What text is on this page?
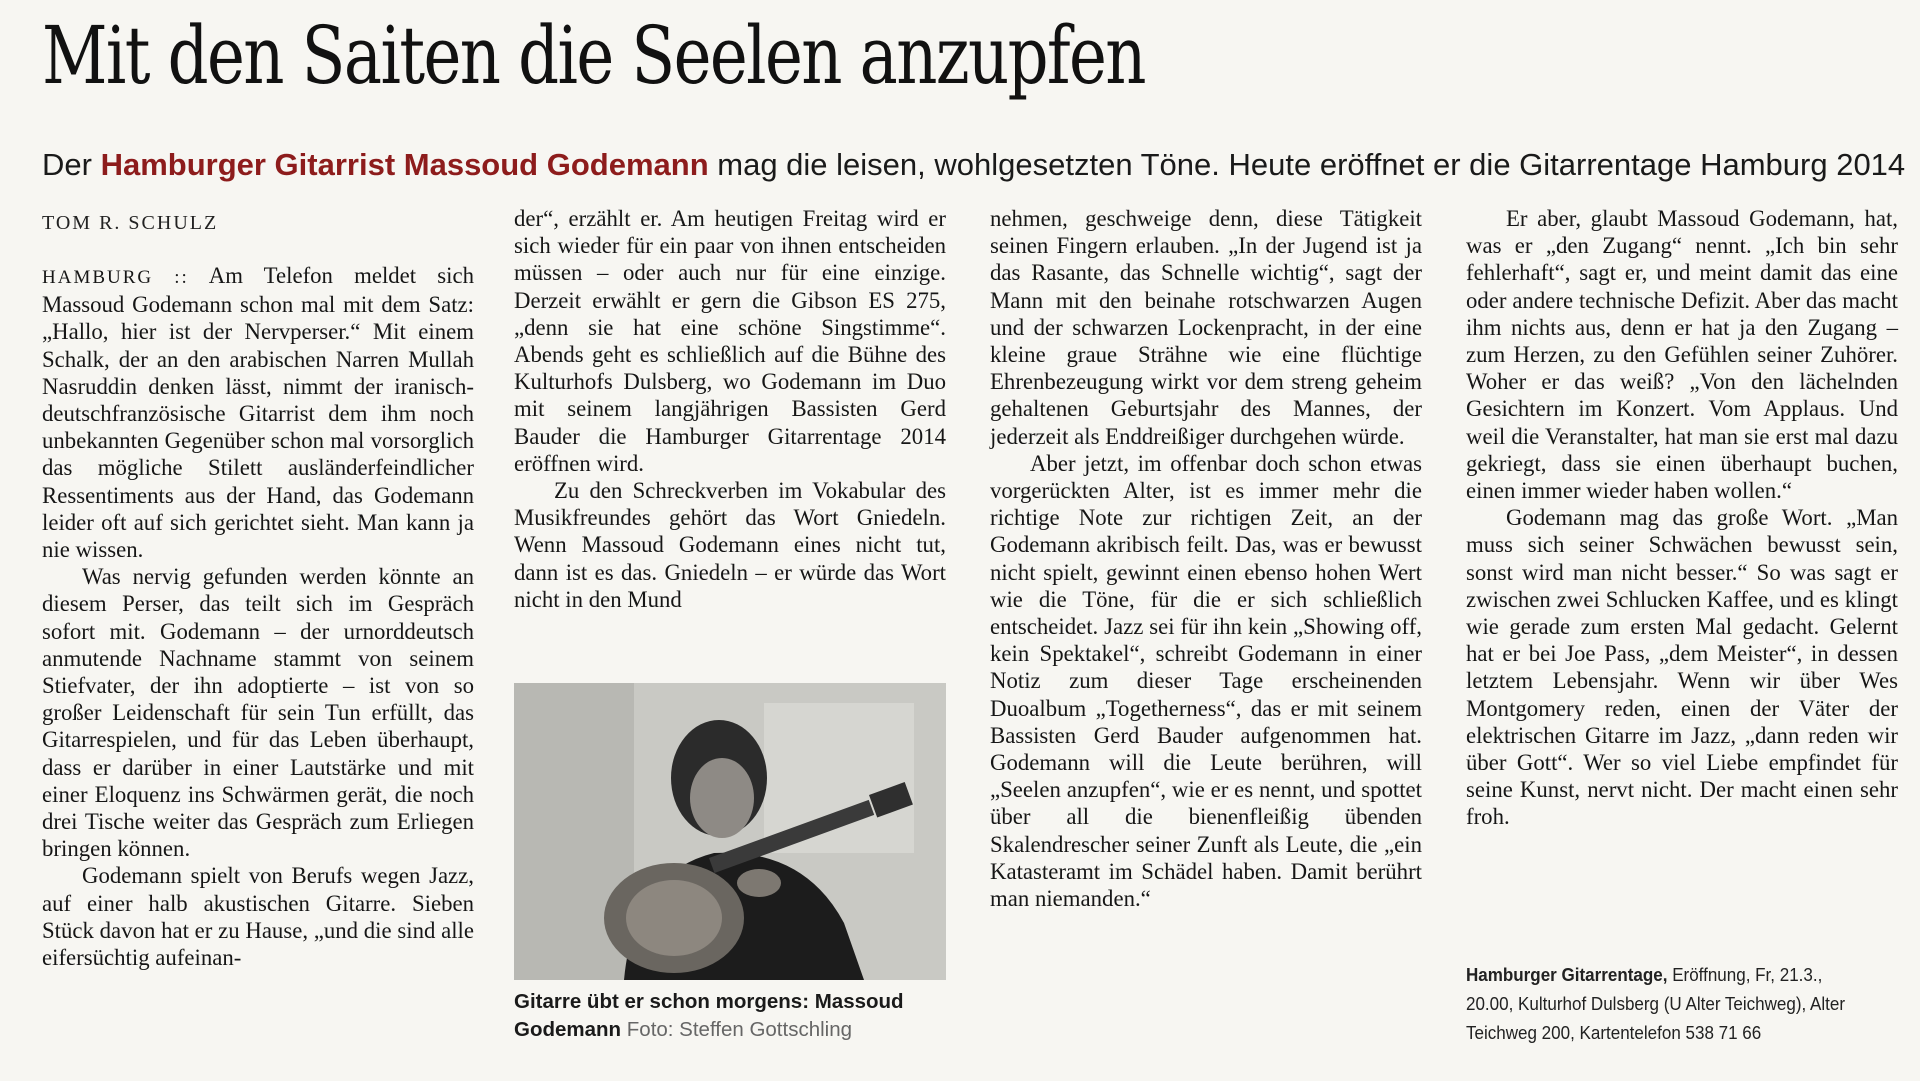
Mit den Saiten die Seelen anzupfen
Der Hamburger Gitarrist Massoud Godemann mag die leisen, wohlgesetzten Töne. Heute eröffnet er die Gitarrentage Hamburg 2014
TOM R. SCHULZ

HAMBURG :: Am Telefon meldet sich Massoud Godemann schon mal mit dem Satz: „Hallo, hier ist der Nervperser.“ Mit einem Schalk, der an den arabischen Narren Mullah Nasruddin denken lässt, nimmt der iranisch-deutschfranzösische Gitarrist dem ihm noch unbekannten Gegenüber schon mal vorsorglich das mögliche Stilett ausländerfeindlicher Ressentiments aus der Hand, das Godemann leider oft auf sich gerichtet sieht. Man kann ja nie wissen.

Was nervig gefunden werden könnte an diesem Perser, das teilt sich im Gespräch sofort mit. Godemann – der urnorddeutsch anmutende Nachname stammt von seinem Stiefvater, der ihn adoptierte – ist von so großer Leidenschaft für sein Tun erfüllt, das Gitarrespielen, und für das Leben überhaupt, dass er darüber in einer Lautstärke und mit einer Eloquenz ins Schwärmen gerät, die noch drei Tische weiter das Gespräch zum Erliegen bringen können.

Godemann spielt von Berufs wegen Jazz, auf einer halb akustischen Gitarre. Sieben Stück davon hat er zu Hause, „und die sind alle eifersüchtig aufeinan-

der“, erzählt er. Am heutigen Freitag wird er sich wieder für ein paar von ihnen entscheiden müssen – oder auch nur für eine einzige. Derzeit erwählt er gern die Gibson ES 275, „denn sie hat eine schöne Singstimme“. Abends geht es schließlich auf die Bühne des Kulturhofs Dulsberg, wo Godemann im Duo mit seinem langjährigen Bassisten Gerd Bauder die Hamburger Gitarrentage 2014 eröffnen wird.

Zu den Schreckverben im Vokabular des Musikfreundes gehört das Wort Gniedeln. Wenn Massoud Godemann eines nicht tut, dann ist es das. Gniedeln – er würde das Wort nicht in den Mund

Gitarre übt er schon morgens: Massoud Godemann Foto: Steffen Gottschling

nehmen, geschweige denn, diese Tätigkeit seinen Fingern erlauben. „In der Jugend ist ja das Rasante, das Schnelle wichtig“, sagt der Mann mit den beinahe rotschwarzen Augen und der schwarzen Lockenpracht, in der eine kleine graue Strähne wie eine flüchtige Ehrenbezeugung wirkt vor dem streng geheim gehaltenen Geburtsjahr des Mannes, der jederzeit als Enddreißiger durchgehen würde.

Aber jetzt, im offenbar doch schon etwas vorgerückten Alter, ist es immer mehr die richtige Note zur richtigen Zeit, an der Godemann akribisch feilt. Das, was er bewusst nicht spielt, gewinnt einen ebenso hohen Wert wie die Töne, für die er sich schließlich entscheidet. Jazz sei für ihn kein „Showing off, kein Spektakel“, schreibt Godemann in einer Notiz zum dieser Tage erscheinenden Duoalbum „Togetherness“, das er mit seinem Bassisten Gerd Bauder aufgenommen hat. Godemann will die Leute berühren, will „Seelen anzupfen“, wie er es nennt, und spottet über all die bienenfleißig übenden Skalendrescher seiner Zunft als Leute, die „ein Katasteramt im Schädel haben. Damit berührt man niemanden.“

Er aber, glaubt Massoud Godemann, hat, was er „den Zugang“ nennt. „Ich bin sehr fehlerhaft“, sagt er, und meint damit das eine oder andere technische Defizit. Aber das macht ihm nichts aus, denn er hat ja den Zugang – zum Herzen, zu den Gefühlen seiner Zuhörer. Woher er das weiß? „Von den lächelnden Gesichtern im Konzert. Vom Applaus. Und weil die Veranstalter, hat man sie erst mal dazu gekriegt, dass sie einen überhaupt buchen, einen immer wieder haben wollen.“

Godemann mag das große Wort. „Man muss sich seiner Schwächen bewusst sein, sonst wird man nicht besser.“ So was sagt er zwischen zwei Schlucken Kaffee, und es klingt wie gerade zum ersten Mal gedacht. Gelernt hat er bei Joe Pass, „dem Meister“, in dessen letztem Lebensjahr. Wenn wir über Wes Montgomery reden, einen der Väter der elektrischen Gitarre im Jazz, „dann reden wir über Gott“. Wer so viel Liebe empfindet für seine Kunst, nervt nicht. Der macht einen sehr froh.

Hamburger Gitarrentage, Eröffnung, Fr, 21.3., 20.00, Kulturhof Dulsberg (U Alter Teichweg), Alter Teichweg 200, Kartentelefon 538 71 66
